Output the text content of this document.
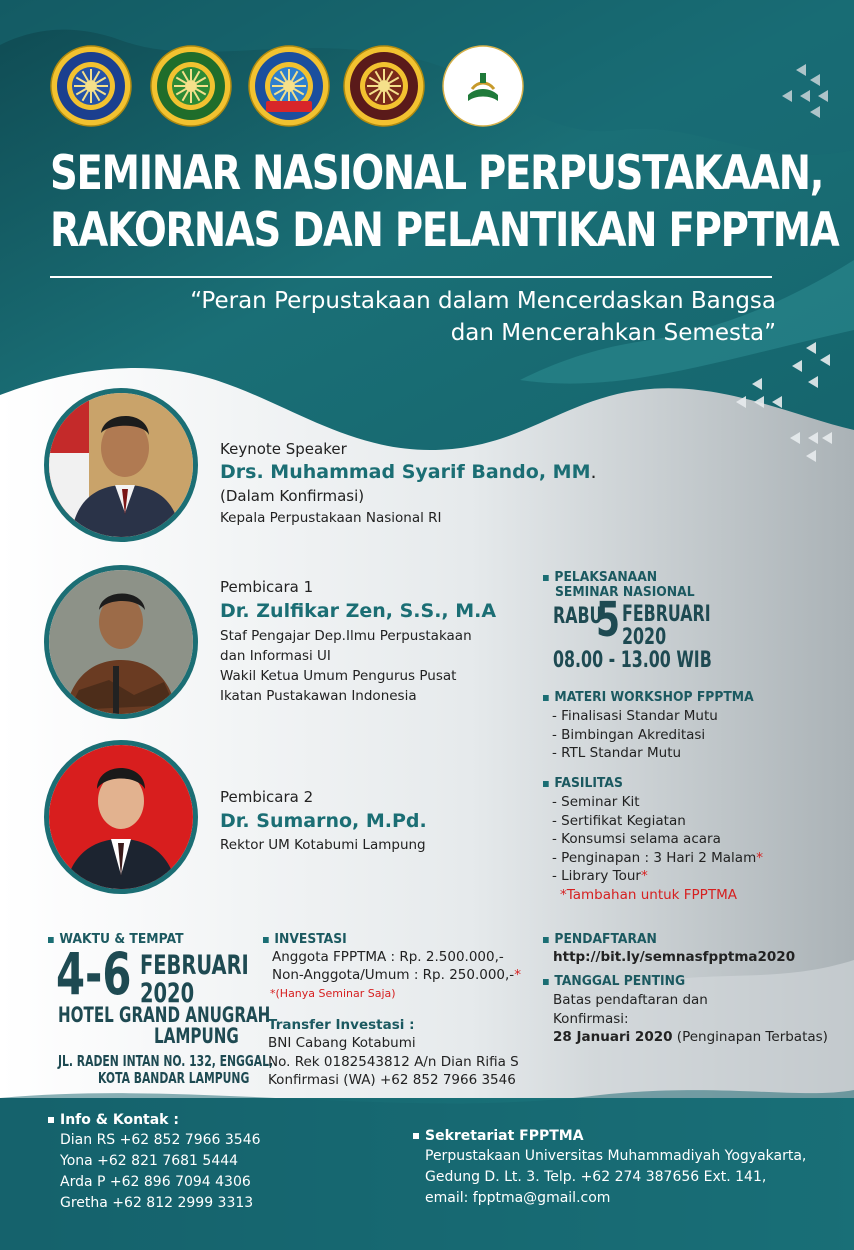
SEMINAR NASIONAL PERPUSTAKAAN,
RAKORNAS DAN PELANTIKAN FPPTMA
“Peran Perpustakaan dalam Mencerdaskan Bangsa
dan Mencerahkan Semesta”
Keynote Speaker
Drs. Muhammad Syarif Bando, MM.
(Dalam Konfirmasi)
Kepala Perpustakaan Nasional RI
Pembicara 1
Dr. Zulfikar Zen, S.S., M.A
Staf Pengajar Dep.Ilmu Perpustakaan
dan Informasi UI
Wakil Ketua Umum Pengurus Pusat
Ikatan Pustakawan Indonesia
Pembicara 2
Dr. Sumarno, M.Pd.
Rektor UM Kotabumi Lampung
PELAKSANAAN
SEMINAR NASIONAL
RABU
5 FEBRUARI
2020
08.00 - 13.00 WIB
MATERI WORKSHOP FPPTMA
- Finalisasi Standar Mutu
- Bimbingan Akreditasi
- RTL Standar Mutu
FASILITAS
- Seminar Kit
- Sertifikat Kegiatan
- Konsumsi selama acara
- Penginapan : 3 Hari 2 Malam*
- Library Tour*
*Tambahan untuk FPPTMA
WAKTU & TEMPAT
4-6 FEBRUARI
2020
HOTEL GRAND ANUGRAH
LAMPUNG
JL. RADEN INTAN NO. 132, ENGGAL,
KOTA BANDAR LAMPUNG
INVESTASI
Anggota FPPTMA : Rp. 2.500.000,-
Non-Anggota/Umum : Rp. 250.000,-*
*(Hanya Seminar Saja)
Transfer Investasi :
BNI Cabang Kotabumi
No. Rek 0182543812 A/n Dian Rifia S
Konfirmasi (WA) +62 852 7966 3546
PENDAFTARAN
http://bit.ly/semnasfpptma2020
TANGGAL PENTING
Batas pendaftaran dan
Konfirmasi:
28 Januari 2020 (Penginapan Terbatas)
Info & Kontak :
Dian RS +62 852 7966 3546
Yona +62 821 7681 5444
Arda P +62 896 7094 4306
Gretha +62 812 2999 3313
Sekretariat FPPTMA
Perpustakaan Universitas Muhammadiyah Yogyakarta,
Gedung D. Lt. 3. Telp. +62 274 387656 Ext. 141,
email: fpptma@gmail.com
